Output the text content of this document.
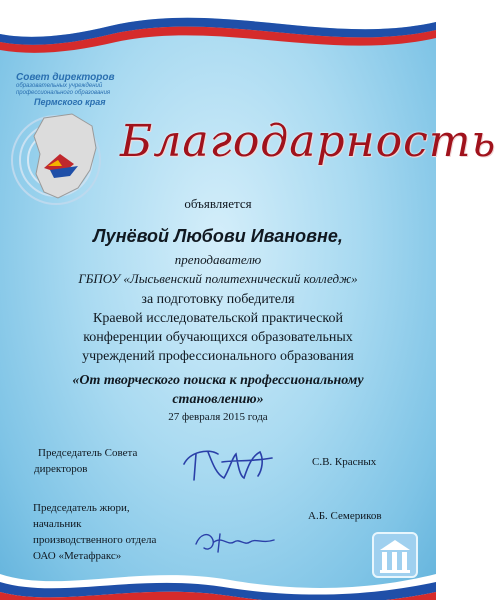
Совет директоров
образовательных учреждений
профессионального образования
Пермского края
Благодарность
объявляется
Лунёвой Любови Ивановне,
преподавателю
ГБПОУ «Лысьвенский политехнический колледж»
за подготовку победителя
Краевой исследовательской практической
конференции обучающихся образовательных
учреждений профессионального образования
«От творческого поиска к профессиональному
становлению»
27 февраля 2015 года
Председатель Совета
директоров
С.В. Красных
Председатель жюри,
начальник
производственного отдела
ОАО «Метафракс»
А.Б. Семериков
